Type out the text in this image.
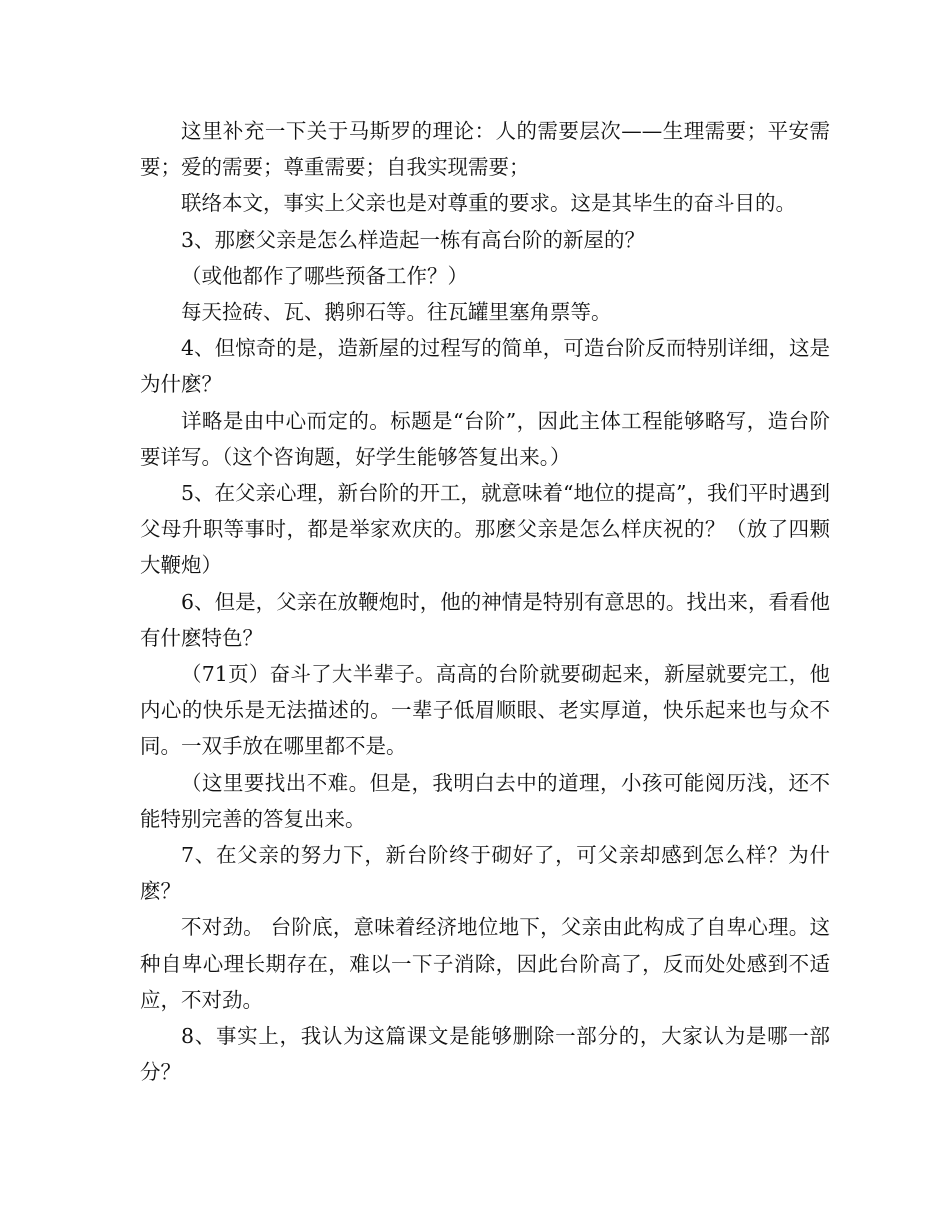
这里补充一下关于马斯罗的理论：人的需要层次——生理需要；平安需要；爱的需要；尊重需要；自我实现需要；

联络本文，事实上父亲也是对尊重的要求。这是其毕生的奋斗目的。

3、那麽父亲是怎么样造起一栋有高台阶的新屋的？

（或他都作了哪些预备工作？）

每天捡砖、瓦、鹅卵石等。往瓦罐里塞角票等。

4、但惊奇的是，造新屋的过程写的简单，可造台阶反而特别详细，这是为什麽？

详略是由中心而定的。标题是“台阶”，因此主体工程能够略写，造台阶要详写。（这个咨询题，好学生能够答复出来。）

5、在父亲心理，新台阶的开工，就意味着“地位的提高”，我们平时遇到父母升职等事时，都是举家欢庆的。那麽父亲是怎么样庆祝的？（放了四颗大鞭炮）

6、但是，父亲在放鞭炮时，他的神情是特别有意思的。找出来，看看他有什麽特色？

（71页）奋斗了大半辈子。高高的台阶就要砌起来，新屋就要完工，他内心的快乐是无法描述的。一辈子低眉顺眼、老实厚道，快乐起来也与众不同。一双手放在哪里都不是。

（这里要找出不难。但是，我明白去中的道理，小孩可能阅历浅，还不能特别完善的答复出来。

7、在父亲的努力下，新台阶终于砌好了，可父亲却感到怎么样？为什麽？

不对劲。 台阶底，意味着经济地位地下，父亲由此构成了自卑心理。这种自卑心理长期存在，难以一下子消除，因此台阶高了，反而处处感到不适应，不对劲。

8、事实上，我认为这篇课文是能够删除一部分的，大家认为是哪一部分？
